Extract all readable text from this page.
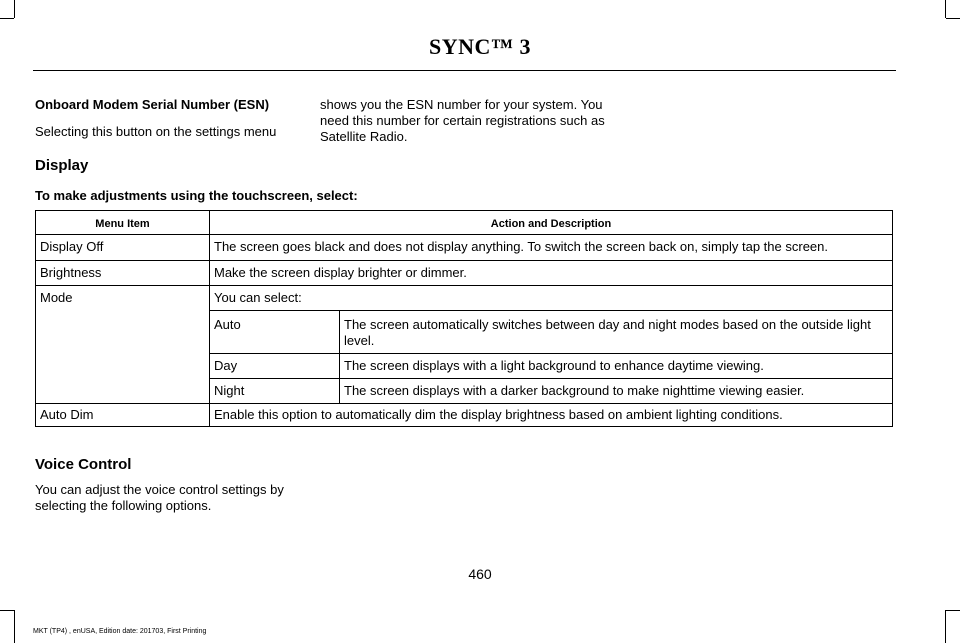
SYNC™ 3
Onboard Modem Serial Number (ESN)
Selecting this button on the settings menu
shows you the ESN number for your system. You need this number for certain registrations such as Satellite Radio.
Display
To make adjustments using the touchscreen, select:
Menu Item	Action and Description
Display Off	The screen goes black and does not display anything. To switch the screen back on, simply tap the screen.
Brightness	Make the screen display brighter or dimmer.
Mode	You can select:
Auto	The screen automatically switches between day and night modes based on the outside light level.
Day	The screen displays with a light background to enhance daytime viewing.
Night	The screen displays with a darker background to make nighttime viewing easier.
Auto Dim	Enable this option to automatically dim the display brightness based on ambient lighting conditions.
Voice Control
You can adjust the voice control settings by selecting the following options.
460
MKT (TP4) , enUSA, Edition date: 201703, First Printing
